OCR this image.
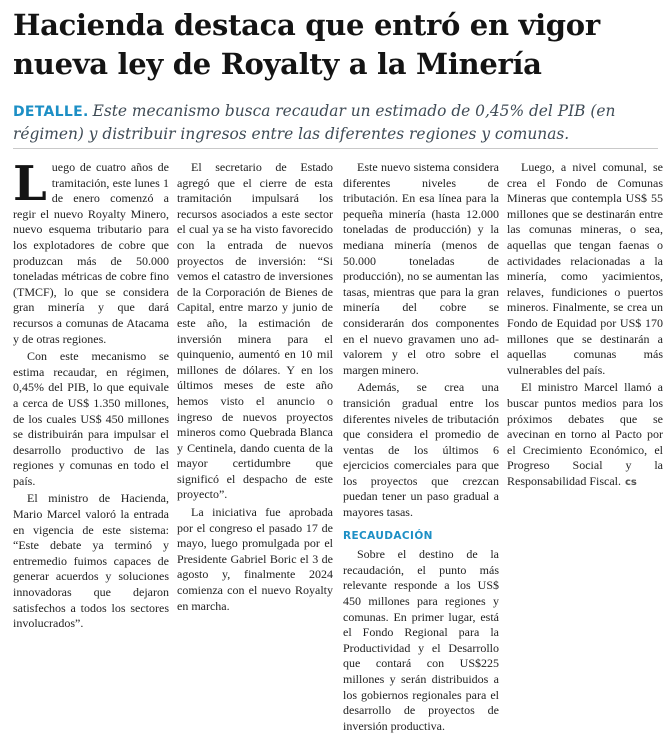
Hacienda destaca que entró en vigor nueva ley de Royalty a la Minería

DETALLE. Este mecanismo busca recaudar un estimado de 0,45% del PIB (en régimen) y distribuir ingresos entre las diferentes regiones y comunas.

Luego de cuatro años de tramitación, este lunes 1 de enero comenzó a regir el nuevo Royalty Minero, nuevo esquema tributario para los explotadores de cobre que produzcan más de 50.000 toneladas métricas de cobre fino (TMCF), lo que se considera gran minería y que dará recursos a comunas de Atacama y de otras regiones.

Con este mecanismo se estima recaudar, en régimen, 0,45% del PIB, lo que equivale a cerca de US$ 1.350 millones, de los cuales US$ 450 millones se distribuirán para impulsar el desarrollo productivo de las regiones y comunas en todo el país.

El ministro de Hacienda, Mario Marcel valoró la entrada en vigencia de este sistema: “Este debate ya terminó y entremedio fuimos capaces de generar acuerdos y soluciones innovadoras que dejaron satisfechos a todos los sectores involucrados”.

El secretario de Estado agregó que el cierre de esta tramitación impulsará los recursos asociados a este sector el cual ya se ha visto favorecido con la entrada de nuevos proyectos de inversión: “Si vemos el catastro de inversiones de la Corporación de Bienes de Capital, entre marzo y junio de este año, la estimación de inversión minera para el quinquenio, aumentó en 10 mil millones de dólares. Y en los últimos meses de este año hemos visto el anuncio o ingreso de nuevos proyectos mineros como Quebrada Blanca y Centinela, dando cuenta de la mayor certidumbre que significó el despacho de este proyecto”.

La iniciativa fue aprobada por el congreso el pasado 17 de mayo, luego promulgada por el Presidente Gabriel Boric el 3 de agosto y, finalmente 2024 comienza con el nuevo Royalty en marcha.

Este nuevo sistema considera diferentes niveles de tributación. En esa línea para la pequeña minería (hasta 12.000 toneladas de producción) y la mediana minería (menos de 50.000 toneladas de producción), no se aumentan las tasas, mientras que para la gran minería del cobre se considerarán dos componentes en el nuevo gravamen uno ad-valorem y el otro sobre el margen minero.

Además, se crea una transición gradual entre los diferentes niveles de tributación que considera el promedio de ventas de los últimos 6 ejercicios comerciales para que los proyectos que crezcan puedan tener un paso gradual a mayores tasas.

RECAUDACIÓN

Sobre el destino de la recaudación, el punto más relevante responde a los US$ 450 millones para regiones y comunas. En primer lugar, está el Fondo Regional para la Productividad y el Desarrollo que contará con US$225 millones y serán distribuidos a los gobiernos regionales para el desarrollo de proyectos de inversión productiva.

Luego, a nivel comunal, se crea el Fondo de Comunas Mineras que contempla US$ 55 millones que se destinarán entre las comunas mineras, o sea, aquellas que tengan faenas o actividades relacionadas a la minería, como yacimientos, relaves, fundiciones o puertos mineros. Finalmente, se crea un Fondo de Equidad por US$ 170 millones que se destinarán a aquellas comunas más vulnerables del país.

El ministro Marcel llamó a buscar puntos medios para los próximos debates que se avecinan en torno al Pacto por el Crecimiento Económico, el Progreso Social y la Responsabilidad Fiscal. cs
